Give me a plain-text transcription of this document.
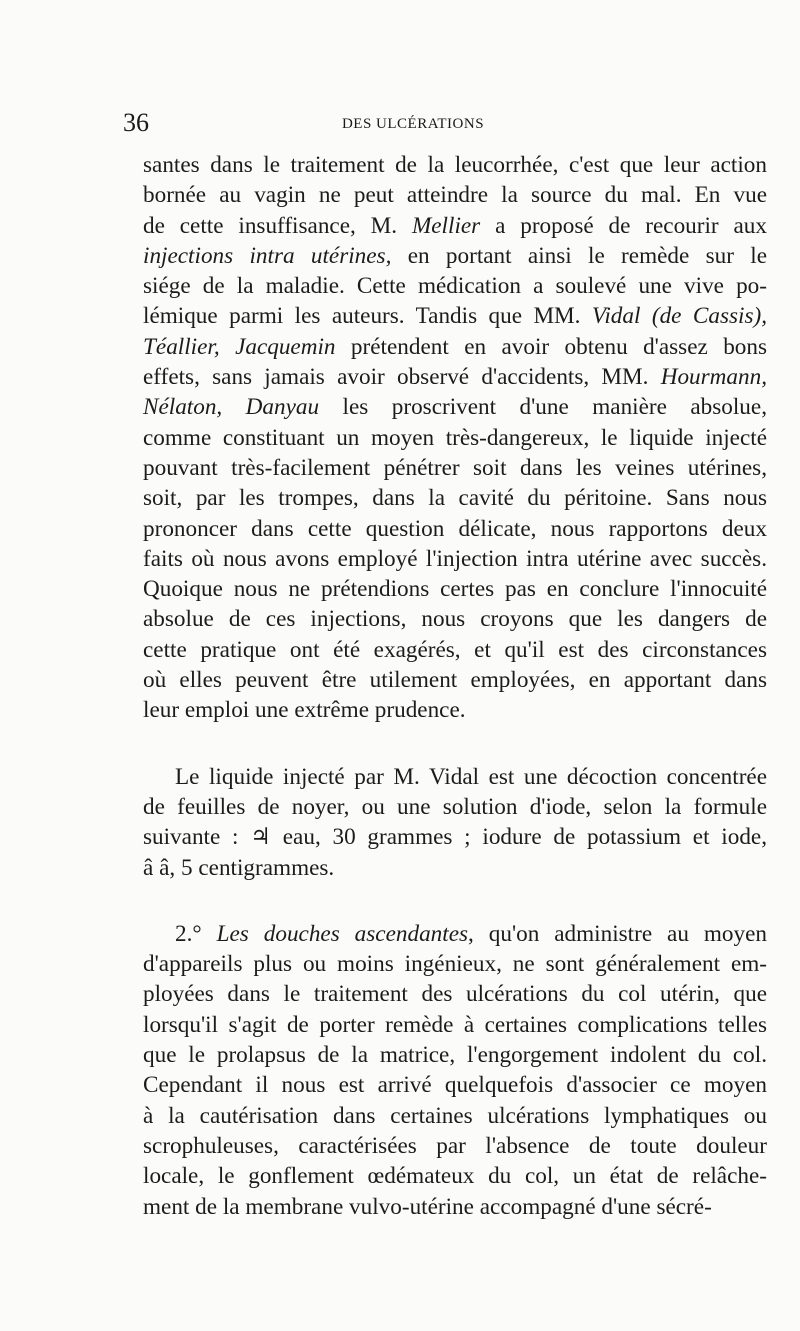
36	DES ULCÉRATIONS

santes dans le traitement de la leucorrhée, c'est que leur action
bornée au vagin ne peut atteindre la source du mal. En vue
de cette insuffisance, M. Mellier a proposé de recourir aux
injections intra utérines, en portant ainsi le remède sur le
siége de la maladie. Cette médication a soulevé une vive po-
lémique parmi les auteurs. Tandis que MM. Vidal (de Cassis),
Téallier, Jacquemin prétendent en avoir obtenu d'assez bons
effets, sans jamais avoir observé d'accidents, MM. Hourmann,
Nélaton, Danyau les proscrivent d'une manière absolue,
comme constituant un moyen très-dangereux, le liquide injecté
pouvant très-facilement pénétrer soit dans les veines utérines,
soit, par les trompes, dans la cavité du péritoine. Sans nous
prononcer dans cette question délicate, nous rapportons deux
faits où nous avons employé l'injection intra utérine avec succès.
Quoique nous ne prétendions certes pas en conclure l'innocuité
absolue de ces injections, nous croyons que les dangers de
cette pratique ont été exagérés, et qu'il est des circonstances
où elles peuvent être utilement employées, en apportant dans
leur emploi une extrême prudence.

Le liquide injecté par M. Vidal est une décoction concentrée
de feuilles de noyer, ou une solution d'iode, selon la formule
suivante : ♃ eau, 30 grammes ; iodure de potassium et iode,
â â, 5 centigrammes.

2.° Les douches ascendantes, qu'on administre au moyen
d'appareils plus ou moins ingénieux, ne sont généralement em-
ployées dans le traitement des ulcérations du col utérin, que
lorsqu'il s'agit de porter remède à certaines complications telles
que le prolapsus de la matrice, l'engorgement indolent du col.
Cependant il nous est arrivé quelquefois d'associer ce moyen
à la cautérisation dans certaines ulcérations lymphatiques ou
scrophuleuses, caractérisées par l'absence de toute douleur
locale, le gonflement œdémateux du col, un état de relâche-
ment de la membrane vulvo-utérine accompagné d'une sécré-
